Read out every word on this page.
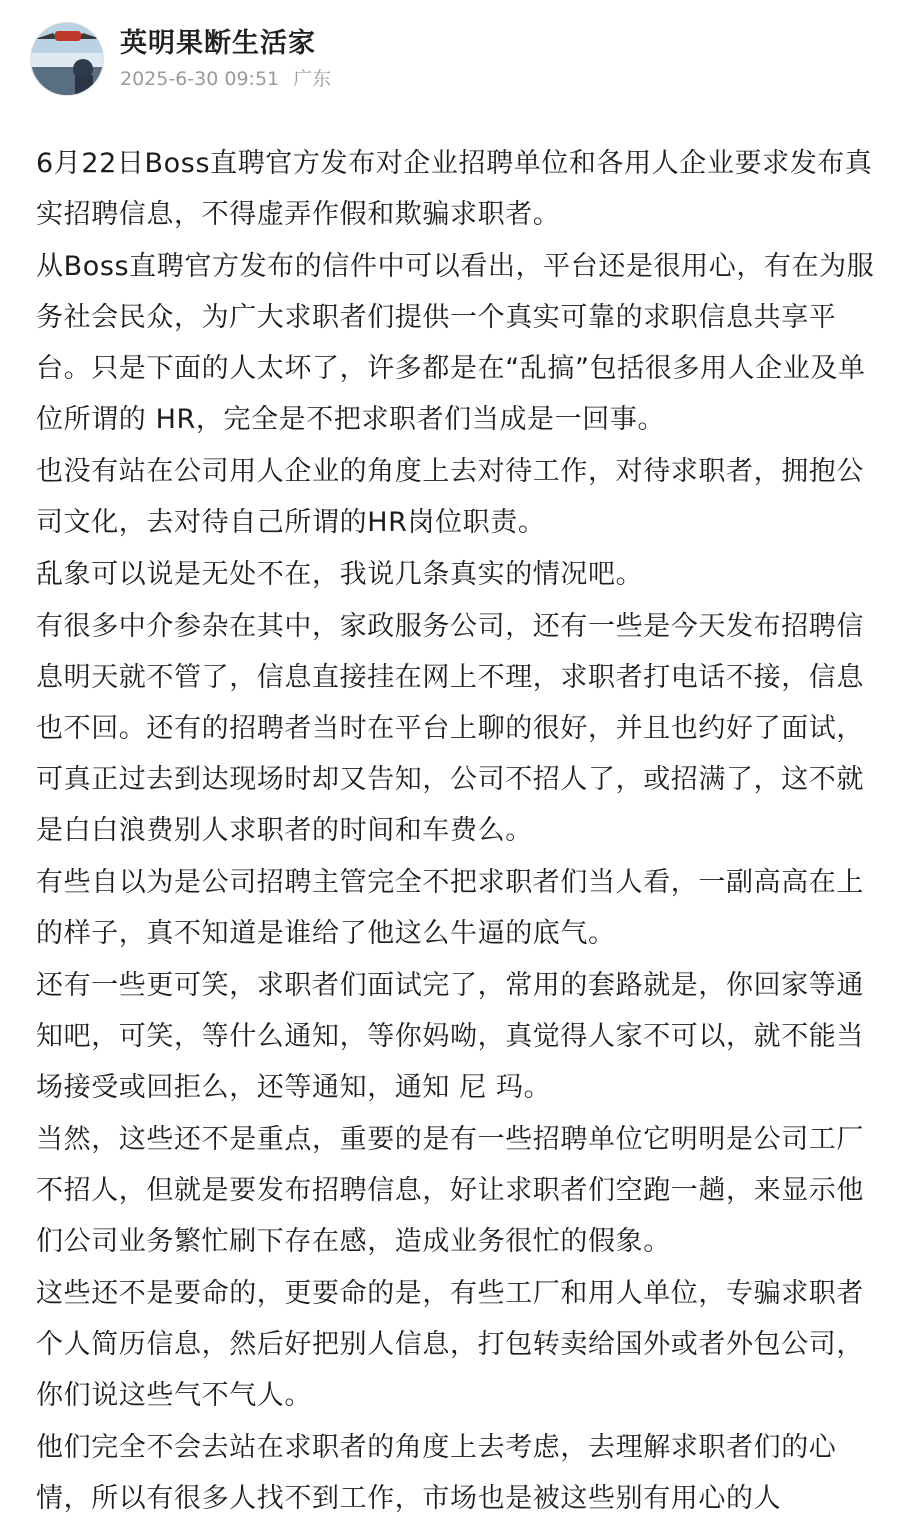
英明果断生活家
2025-6-30 09:51 广东

6月22日Boss直聘官方发布对企业招聘单位和各用人企业要求发布真实招聘信息，不得虚弄作假和欺骗求职者。

从Boss直聘官方发布的信件中可以看出，平台还是很用心，有在为服务社会民众，为广大求职者们提供一个真实可靠的求职信息共享平台。只是下面的人太坏了，许多都是在“乱搞”包括很多用人企业及单位所谓的 HR，完全是不把求职者们当成是一回事。

也没有站在公司用人企业的角度上去对待工作，对待求职者，拥抱公司文化，去对待自己所谓的HR岗位职责。

乱象可以说是无处不在，我说几条真实的情况吧。

有很多中介参杂在其中，家政服务公司，还有一些是今天发布招聘信息明天就不管了，信息直接挂在网上不理，求职者打电话不接，信息也不回。还有的招聘者当时在平台上聊的很好，并且也约好了面试，可真正过去到达现场时却又告知，公司不招人了，或招满了，这不就是白白浪费别人求职者的时间和车费么。

有些自以为是公司招聘主管完全不把求职者们当人看，一副高高在上的样子，真不知道是谁给了他这么牛逼的底气。

还有一些更可笑，求职者们面试完了，常用的套路就是，你回家等通知吧，可笑，等什么通知，等你妈呦，真觉得人家不可以，就不能当场接受或回拒么，还等通知，通知 尼 玛。

当然，这些还不是重点，重要的是有一些招聘单位它明明是公司工厂不招人，但就是要发布招聘信息，好让求职者们空跑一趟，来显示他们公司业务繁忙刷下存在感，造成业务很忙的假象。

这些还不是要命的，更要命的是，有些工厂和用人单位，专骗求职者个人简历信息，然后好把别人信息，打包转卖给国外或者外包公司，你们说这些气不气人。

他们完全不会去站在求职者的角度上去考虑，去理解求职者们的心情，所以有很多人找不到工作，市场也是被这些别有用心的人
